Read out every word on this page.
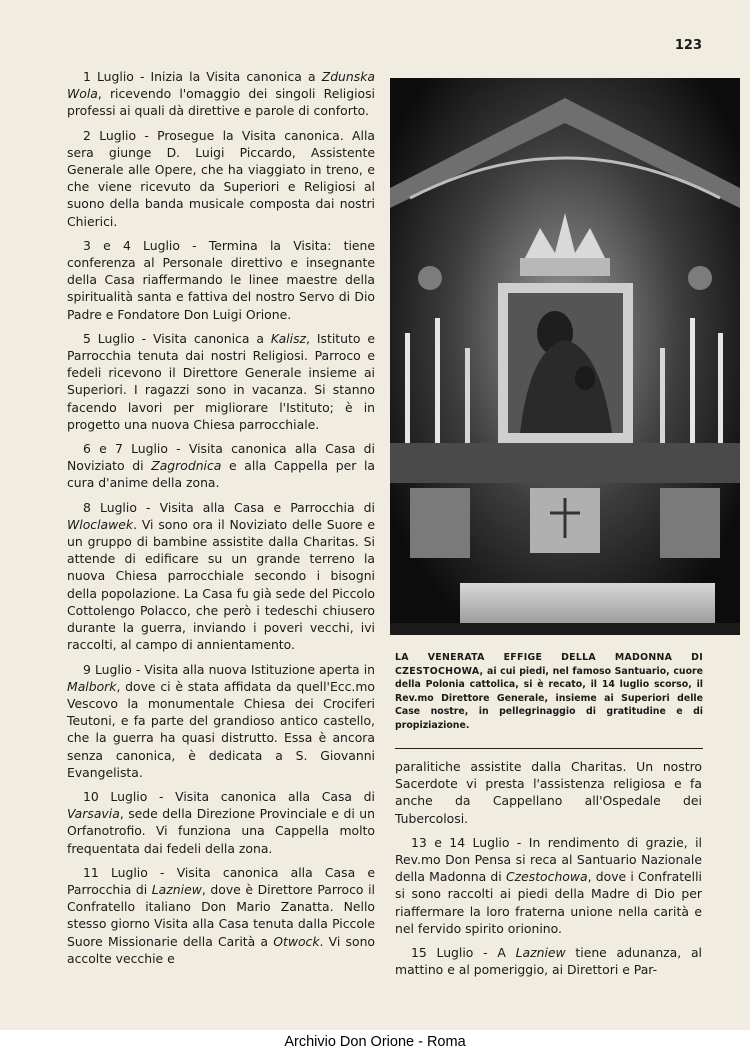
123

1 Luglio - Inizia la Visita canonica a Zdunska Wola, ricevendo l'omaggio dei singoli Religiosi professi ai quali dà direttive e parole di conforto.

2 Luglio - Prosegue la Visita canonica. Alla sera giunge D. Luigi Piccardo, Assistente Generale alle Opere, che ha viaggiato in treno, e che viene ricevuto da Superiori e Religiosi al suono della banda musicale composta dai nostri Chierici.

3 e 4 Luglio - Termina la Visita: tiene conferenza al Personale direttivo e insegnante della Casa riaffermando le linee maestre della spiritualità santa e fattiva del nostro Servo di Dio Padre e Fondatore Don Luigi Orione.

5 Luglio - Visita canonica a Kalisz, Istituto e Parrocchia tenuta dai nostri Religiosi. Parroco e fedeli ricevono il Direttore Generale insieme ai Superiori. I ragazzi sono in vacanza. Si stanno facendo lavori per migliorare l'Istituto; è in progetto una nuova Chiesa parrocchiale.

6 e 7 Luglio - Visita canonica alla Casa di Noviziato di Zagrodnica e alla Cappella per la cura d'anime della zona.

8 Luglio - Visita alla Casa e Parrocchia di Wloclawek. Vi sono ora il Noviziato delle Suore e un gruppo di bambine assistite dalla Charitas. Si attende di edificare su un grande terreno la nuova Chiesa parrocchiale secondo i bisogni della popolazione. La Casa fu già sede del Piccolo Cottolengo Polacco, che però i tedeschi chiusero durante la guerra, inviando i poveri vecchi, ivi raccolti, al campo di annientamento.

9 Luglio - Visita alla nuova Istituzione aperta in Malbork, dove ci è stata affidata da quell'Ecc.mo Vescovo la monumentale Chiesa dei Crociferi Teutoni, e fa parte del grandioso antico castello, che la guerra ha quasi distrutto. Essa è ancora senza canonica, è dedicata a S. Giovanni Evangelista.

10 Luglio - Visita canonica alla Casa di Varsavia, sede della Direzione Provinciale e di un Orfanotrofio. Vi funziona una Cappella molto frequentata dai fedeli della zona.

11 Luglio - Visita canonica alla Casa e Parrocchia di Lazniew, dove è Direttore Parroco il Confratello italiano Don Mario Zanatta. Nello stesso giorno Visita alla Casa tenuta dalla Piccole Suore Missionarie della Carità a Otwock. Vi sono accolte vecchie e

LA VENERATA EFFIGE DELLA MADONNA DI CZESTOCHOWA, ai cui piedi, nel famoso Santuario, cuore della Polonia cattolica, si è recato, il 14 luglio scorso, il Rev.mo Direttore Generale, insieme ai Superiori delle Case nostre, in pellegrinaggio di gratitudine e di propiziazione.

paralitiche assistite dalla Charitas. Un nostro Sacerdote vi presta l'assistenza religiosa e fa anche da Cappellano all'Ospedale dei Tubercolosi.

13 e 14 Luglio - In rendimento di grazie, il Rev.mo Don Pensa si reca al Santuario Nazionale della Madonna di Czestochowa, dove i Confratelli si sono raccolti ai piedi della Madre di Dio per riaffermare la loro fraterna unione nella carità e nel fervido spirito orionino.

15 Luglio - A Lazniew tiene adunanza, al mattino e al pomeriggio, ai Direttori e Par-

Archivio Don Orione - Roma
